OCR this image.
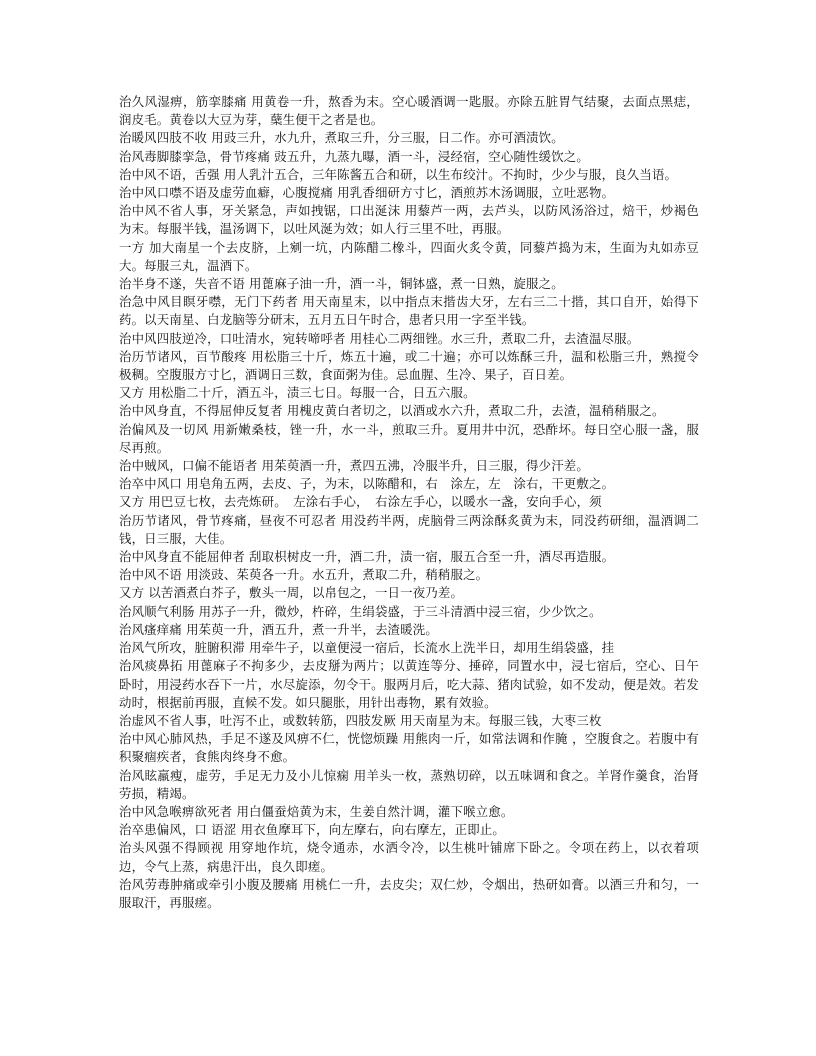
治久风湿痹，筋挛膝痛 用黄卷一升，熬香为末。空心暖酒调一匙服。亦除五脏胃气结聚，去面点黑痣，润皮毛。黄卷以大豆为芽，蘖生便干之者是也。

治暖风四肢不收 用豉三升，水九升，煮取三升，分三服，日二作。亦可酒渍饮。

治风毒脚膝挛急，骨节疼痛 豉五升，九蒸九曝，酒一斗，浸经宿，空心随性缓饮之。

治中风不语，舌强 用人乳汁五合，三年陈酱五合和研，以生布绞汁。不拘时，少少与服，良久当语。

治中风口噤不语及虚劳血癖，心腹搅痛 用乳香细研方寸匕，酒煎苏木汤调服，立吐恶物。

治中风不省人事，牙关紧急，声如拽锯，口出涎沫 用藜芦一两，去芦头，以防风汤浴过，焙干，炒褐色为末。每服半钱，温汤调下，以吐风涎为效；如人行三里不吐，再服。

一方 加大南星一个去皮脐，上剜一坑，内陈醋二橡斗，四面火炙令黄，同藜芦捣为末，生面为丸如赤豆大。每服三丸，温酒下。

治半身不遂，失音不语 用蓖麻子油一升，酒一斗，铜钵盛，煮一日熟，旋服之。

治急中风目瞑牙噤，无门下药者 用天南星末，以中指点末揩齿大牙，左右三二十揩，其口自开，始得下药。以天南星、白龙脑等分研末，五月五日午时合，患者只用一字至半钱。

治中风四肢逆冷，口吐清水，宛转啼呼者 用桂心二两细锉。水三升，煮取二升，去渣温尽服。

治历节诸风，百节酸疼 用松脂三十斤，炼五十遍，或二十遍；亦可以炼酥三升，温和松脂三升，熟搅令极稠。空腹服方寸匕，酒调日三数，食面粥为佳。忌血腥、生冷、果子，百日差。

又方 用松脂二十斤，酒五斗，渍三七日。每服一合，日五六服。

治中风身直，不得屈伸反复者 用槐皮黄白者切之，以酒或水六升，煮取二升，去渣，温稍稍服之。

治偏风及一切风 用新嫩桑枝，锉一升，水一斗，煎取三升。夏用井中沉，恐酢坏。每日空心服一盏，服尽再煎。

治中贼风，口偏不能语者 用茱萸酒一升，煮四五沸，冷服半升，日三服，得少汗差。

治卒中风口 用皂角五两，去皮、子，为末，以陈醋和，右　涂左，左　涂右，干更敷之。

又方 用巴豆七枚，去壳炼研。　左涂右手心，　右涂左手心，以暖水一盏，安向手心，须

治历节诸风，骨节疼痛，昼夜不可忍者 用没药半两，虎脑骨三两涂酥炙黄为末，同没药研细，温酒调二钱，日三服，大佳。

治中风身直不能屈伸者 刮取枳树皮一升，酒二升，渍一宿，服五合至一升，酒尽再造服。

治中风不语 用淡豉、茱萸各一升。水五升，煮取二升，稍稍服之。

又方 以苦酒煮白芥子，敷头一周，以帛包之，一日一夜乃差。

治风顺气利肠 用苏子一升，微炒，杵碎，生绢袋盛，于三斗清酒中浸三宿，少少饮之。

治风瘙痒痛 用茱萸一升，酒五升，煮一升半，去渣暖洗。

治风气所攻，脏腑积滞 用牵牛子，以童便浸一宿后，长流水上洗半日，却用生绢袋盛，挂

治风痰鼻拓 用蓖麻子不拘多少，去皮掰为两片；以黄连等分、捶碎，同置水中，浸七宿后，空心、日午卧时，用浸药水吞下一片，水尽旋添，勿令干。服两月后，吃大蒜、猪肉试验，如不发动，便是效。若发动时，根据前再服，直候不发。如只腿胀，用针出毒物，累有效验。

治虚风不省人事，吐泻不止，或数转筋，四肢发厥 用天南星为末。每服三钱，大枣三枚

治中风心肺风热，手足不遂及风痹不仁，恍惚烦躁 用熊肉一斤，如常法调和作腌 ，空腹食之。若腹中有积聚痼疾者，食熊肉终身不愈。

治风眩羸瘦，虚劳，手足无力及小儿惊痫 用羊头一枚，蒸熟切碎，以五味调和食之。羊肾作羹食，治肾劳损，精竭。

治中风急喉痹欲死者 用白僵蚕焙黄为末，生姜自然汁调，灌下喉立愈。

治卒患偏风，口 语涩 用衣鱼摩耳下，向左摩右，向右摩左，正即止。

治头风强不得顾视 用穿地作坑，烧令通赤，水洒令冷，以生桃叶铺席下卧之。令项在药上，以衣着项边，令气上蒸，病患汗出，良久即瘥。

治风劳毒肿痛或牵引小腹及腰痛 用桃仁一升，去皮尖；双仁炒，令烟出，热研如膏。以酒三升和匀，一服取汗，再服瘥。
